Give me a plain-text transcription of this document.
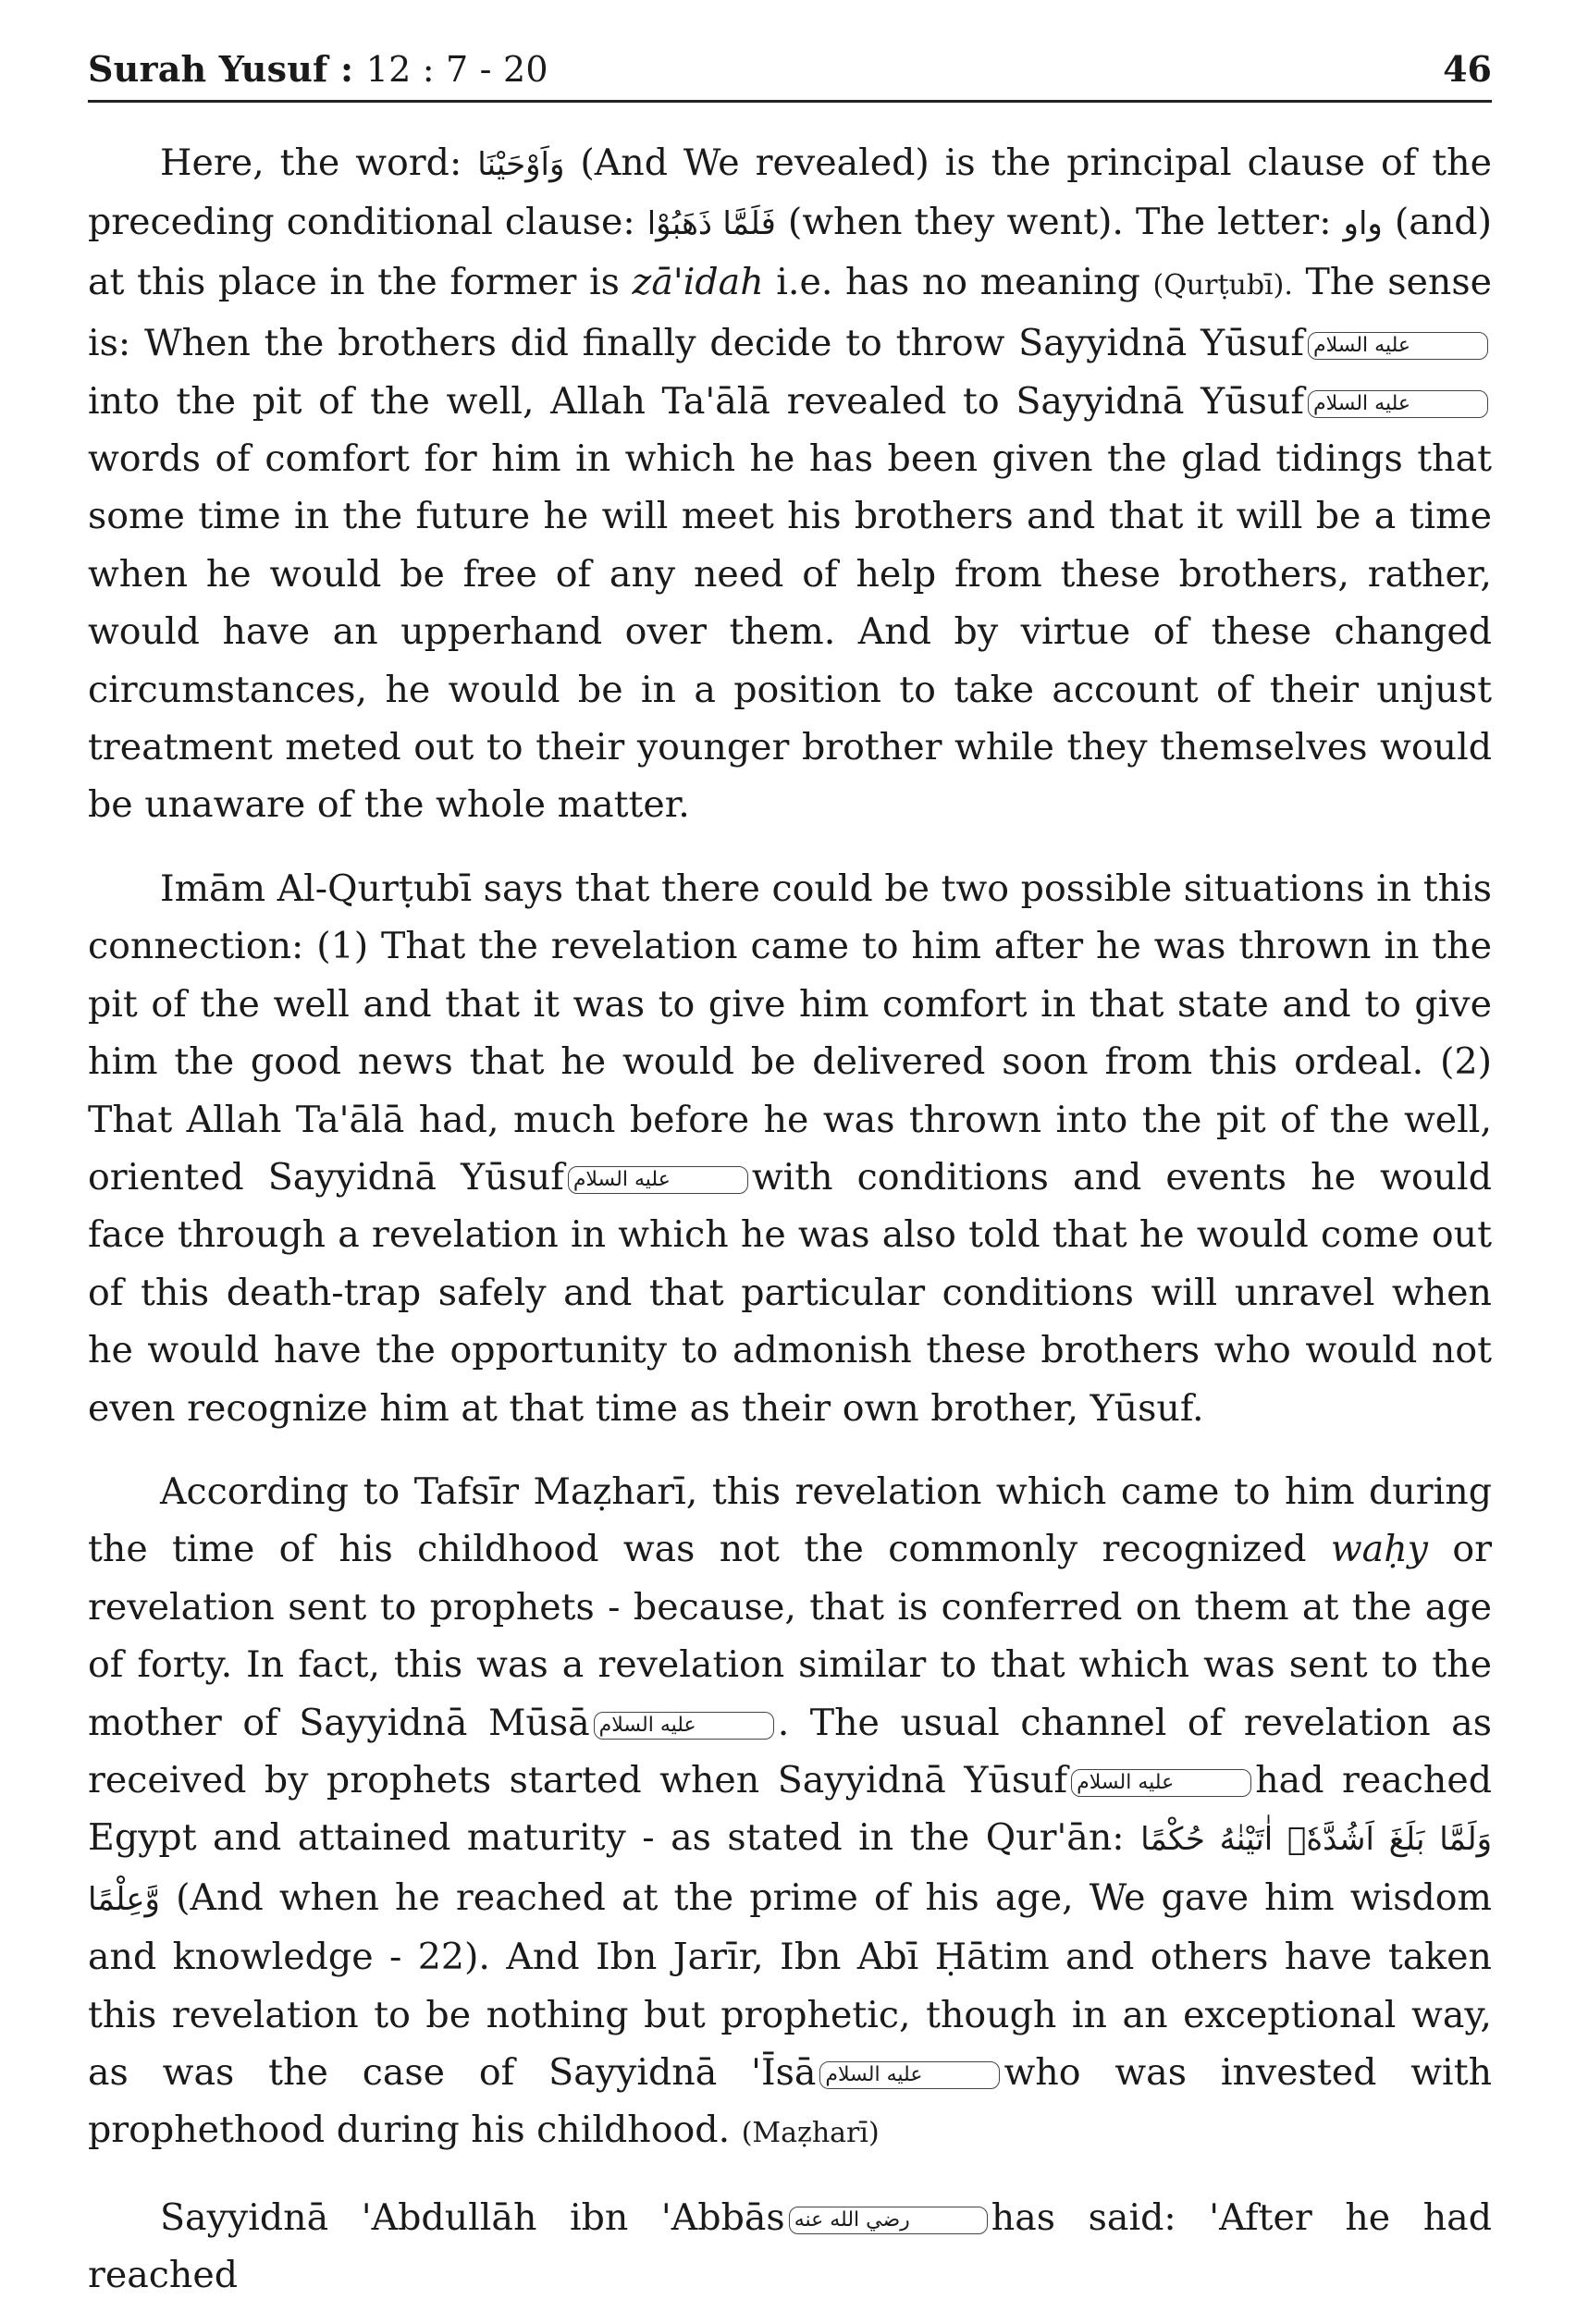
Surah Yusuf : 12 : 7 - 20	46

Here, the word: وَاَوْحَيْنَا (And We revealed) is the principal clause of the preceding conditional clause: فَلَمَّا ذَهَبُوْا (when they went). The letter: واو (and) at this place in the former is zā'idah i.e. has no meaning (Qurṭubī). The sense is: When the brothers did finally decide to throw Sayyidnā Yūsuf عليه السلامinto the pit of the well, Allah Ta'ālā revealed to Sayyidnā Yūsuf عليه السلامwords of comfort for him in which he has been given the glad tidings that some time in the future he will meet his brothers and that it will be a time when he would be free of any need of help from these brothers, rather, would have an upperhand over them. And by virtue of these changed circumstances, he would be in a position to take account of their unjust treatment meted out to their younger brother while they themselves would be unaware of the whole matter.

Imām Al-Qurṭubī says that there could be two possible situations in this connection: (1) That the revelation came to him after he was thrown in the pit of the well and that it was to give him comfort in that state and to give him the good news that he would be delivered soon from this ordeal. (2) That Allah Ta'ālā had, much before he was thrown into the pit of the well, oriented Sayyidnā Yūsuf عليه السلام with conditions and events he would face through a revelation in which he was also told that he would come out of this death-trap safely and that particular conditions will unravel when he would have the opportunity to admonish these brothers who would not even recognize him at that time as their own brother, Yūsuf.

According to Tafsīr Maẓharī, this revelation which came to him during the time of his childhood was not the commonly recognized waḥy or revelation sent to prophets - because, that is conferred on them at the age of forty. In fact, this was a revelation similar to that which was sent to the mother of Sayyidnā Mūsā عليه السلام . The usual channel of revelation as received by prophets started when Sayyidnā Yūsuf عليه السلام had reached Egypt and attained maturity - as stated in the Qur'ān: وَلَمَّا بَلَغَ اَشُدَّهٗۤ اٰتَيْنٰهُ حُكْمًا وَّعِلْمًا (And when he reached at the prime of his age, We gave him wisdom and knowledge - 22). And Ibn Jarīr, Ibn Abī Ḥātim and others have taken this revelation to be nothing but prophetic, though in an exceptional way, as was the case of Sayyidnā 'Īsā عليه السلام who was invested with prophethood during his childhood. (Maẓharī)

Sayyidnā 'Abdullāh ibn 'Abbās رضي الله عنه has said: 'After he had reached
